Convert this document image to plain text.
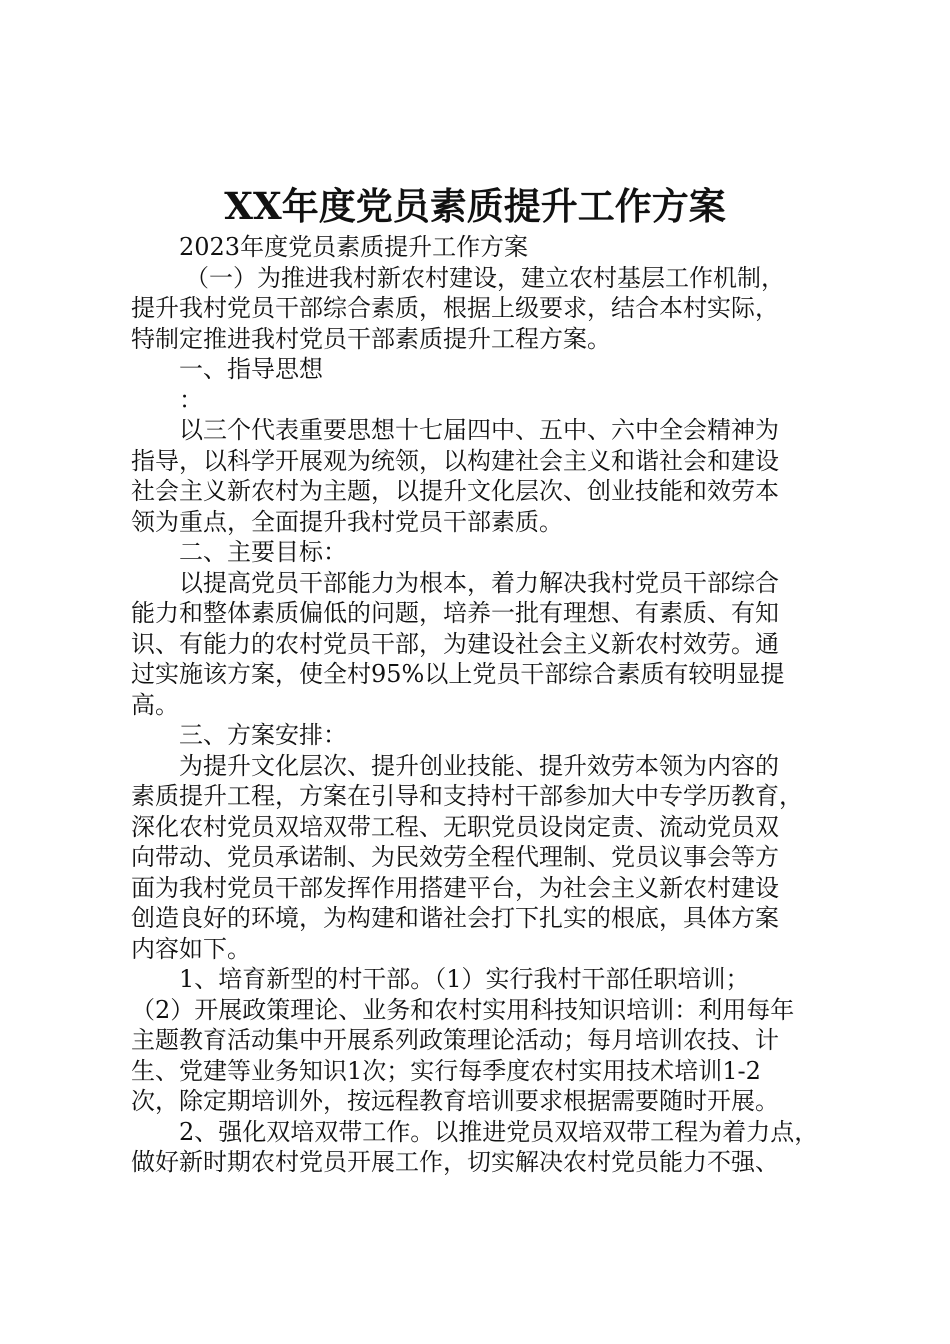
XX年度党员素质提升工作方案
2023年度党员素质提升工作方案
（一）为推进我村新农村建设，建立农村基层工作机制，
提升我村党员干部综合素质，根据上级要求，结合本村实际，
特制定推进我村党员干部素质提升工程方案。
一、指导思想
：
以三个代表重要思想十七届四中、五中、六中全会精神为
指导，以科学开展观为统领，以构建社会主义和谐社会和建设
社会主义新农村为主题，以提升文化层次、创业技能和效劳本
领为重点，全面提升我村党员干部素质。
二、主要目标：
以提高党员干部能力为根本，着力解决我村党员干部综合
能力和整体素质偏低的问题，培养一批有理想、有素质、有知
识、有能力的农村党员干部，为建设社会主义新农村效劳。通
过实施该方案，使全村95%以上党员干部综合素质有较明显提
高。
三、方案安排：
为提升文化层次、提升创业技能、提升效劳本领为内容的
素质提升工程，方案在引导和支持村干部参加大中专学历教育，
深化农村党员双培双带工程、无职党员设岗定责、流动党员双
向带动、党员承诺制、为民效劳全程代理制、党员议事会等方
面为我村党员干部发挥作用搭建平台，为社会主义新农村建设
创造良好的环境，为构建和谐社会打下扎实的根底，具体方案
内容如下。
1、培育新型的村干部。（1）实行我村干部任职培训；
（2）开展政策理论、业务和农村实用科技知识培训：利用每年
主题教育活动集中开展系列政策理论活动；每月培训农技、计
生、党建等业务知识1次；实行每季度农村实用技术培训1-2
次，除定期培训外，按远程教育培训要求根据需要随时开展。
2、强化双培双带工作。以推进党员双培双带工程为着力点，
做好新时期农村党员开展工作，切实解决农村党员能力不强、
